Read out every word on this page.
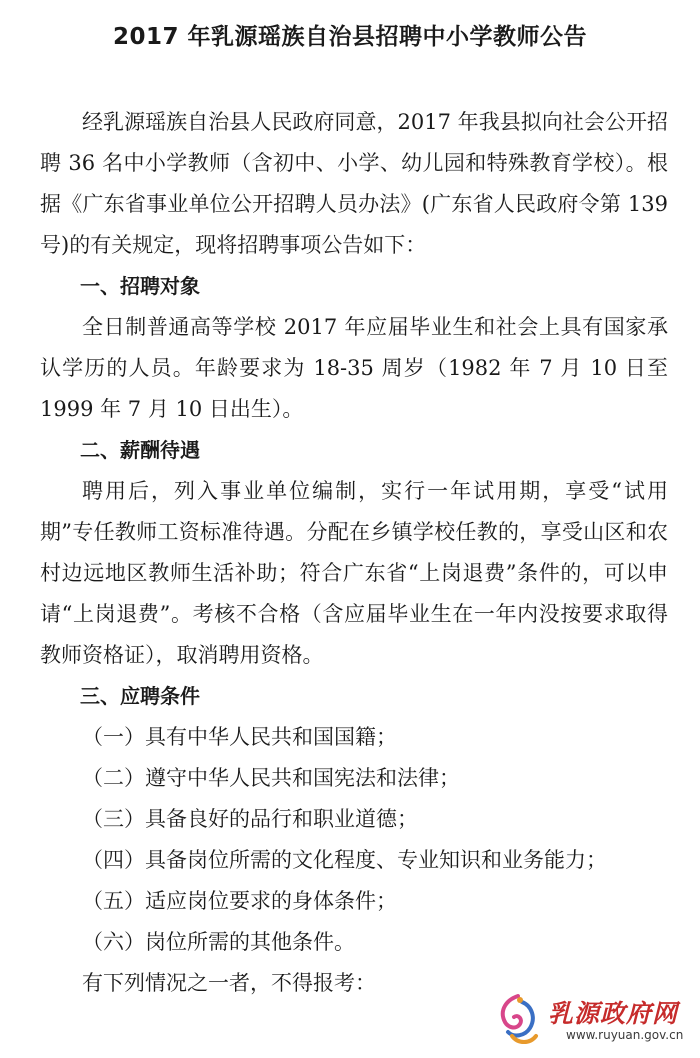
2017 年乳源瑶族自治县招聘中小学教师公告

经乳源瑶族自治县人民政府同意，2017 年我县拟向社会公开招聘 36 名中小学教师（含初中、小学、幼儿园和特殊教育学校）。根据《广东省事业单位公开招聘人员办法》(广东省人民政府令第 139 号)的有关规定，现将招聘事项公告如下：

一、招聘对象

全日制普通高等学校 2017 年应届毕业生和社会上具有国家承认学历的人员。年龄要求为 18-35 周岁（1982 年 7 月 10 日至 1999 年 7 月 10 日出生）。

二、薪酬待遇

聘用后，列入事业单位编制，实行一年试用期，享受“试用期”专任教师工资标准待遇。分配在乡镇学校任教的，享受山区和农村边远地区教师生活补助；符合广东省“上岗退费”条件的，可以申请“上岗退费”。考核不合格（含应届毕业生在一年内没按要求取得教师资格证），取消聘用资格。

三、应聘条件

（一）具有中华人民共和国国籍；

（二）遵守中华人民共和国宪法和法律；

（三）具备良好的品行和职业道德；

（四）具备岗位所需的文化程度、专业知识和业务能力；

（五）适应岗位要求的身体条件；

（六）岗位所需的其他条件。

有下列情况之一者，不得报考：

乳源政府网
www.ruyuan.gov.cn
